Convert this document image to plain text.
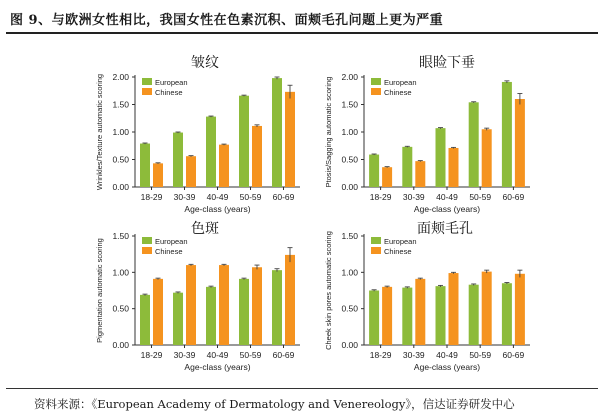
图 9、与欧洲女性相比，我国女性在色素沉积、面颊毛孔问题上更为严重
0.00
0.50
1.00
1.50
2.00
18-29 30-39 40-49 50-59 60-69
Age-class (years)
Wrinkles/Texture automatic scoring
皱纹
European
Chinese
0.00
0.50
1.00
1.50
2.00
18-29 30-39 40-49 50-59 60-69
Age-class (years)
Ptosis/Sagging automatic scoring
眼睑下垂
European
Chinese
0.00
0.50
1.00
1.50
18-29 30-39 40-49 50-59 60-69
Age-class (years)
Pigmentation automatic scoring
色斑
European
Chinese
0.00
0.50
1.00
1.50
18-29 30-39 40-49 50-59 60-69
Age-class (years)
Cheek skin pores automatic scoring
面颊毛孔
European
Chinese
资料来源：《European Academy of Dermatology and Venereology》，信达证券研发中心
